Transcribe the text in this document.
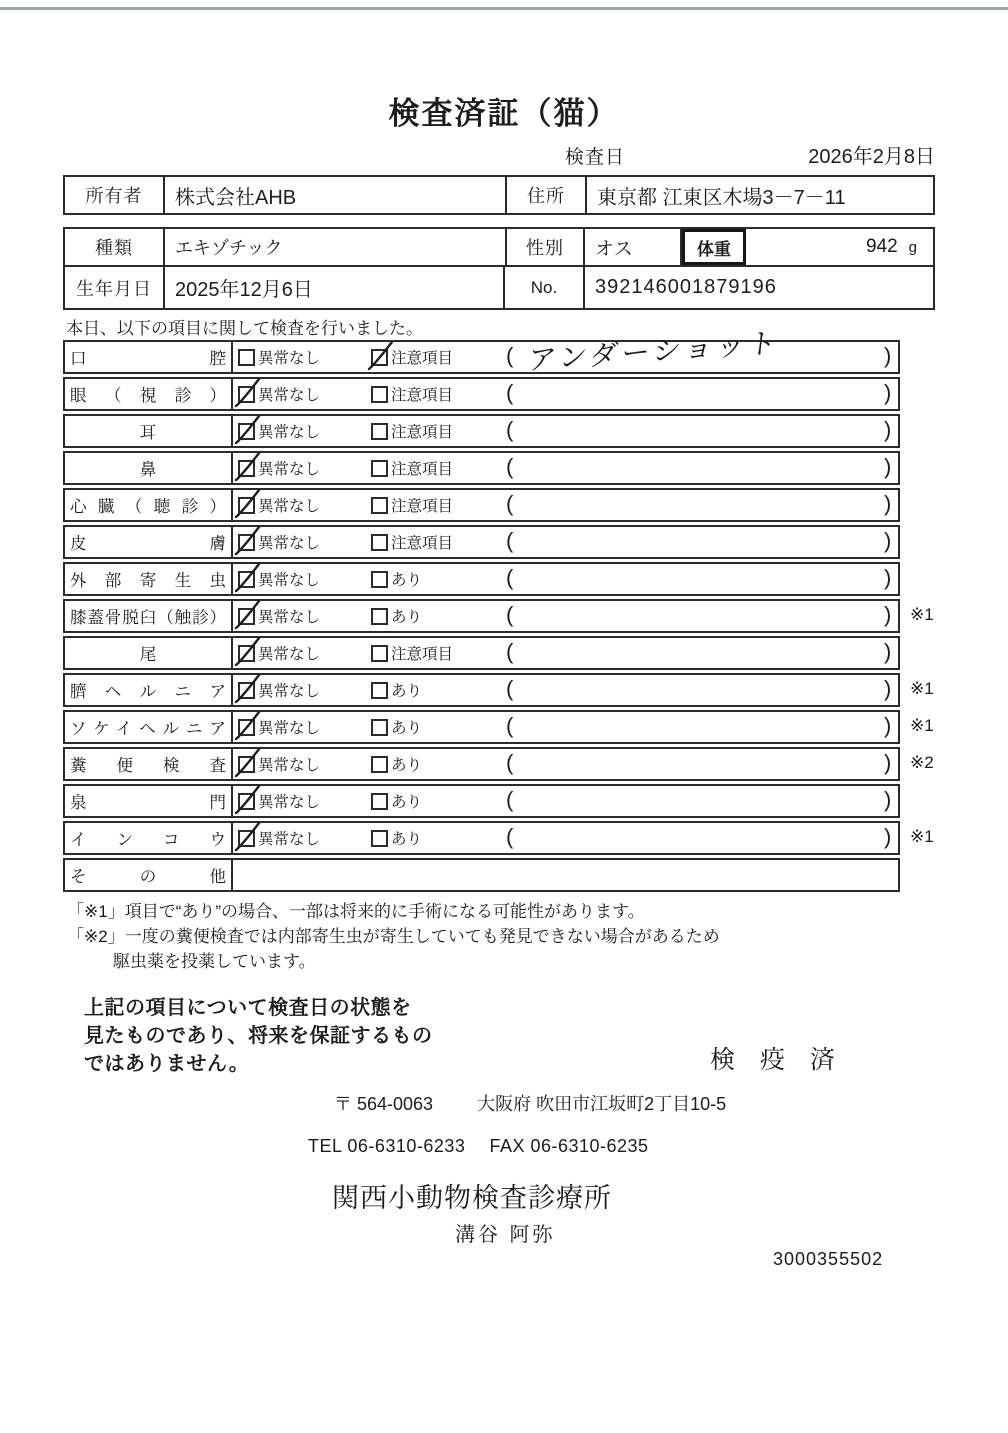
検査済証（猫）
検査日	2026年2月8日
所有者	株式会社AHB	住所	東京都 江東区木場3－7－11
種類	エキゾチック	性別	オス	体重	942 g
生年月日	2025年12月6日	No.	392146001879196
本日、以下の項目に関して検査を行いました。
口腔 異常なし	注意項目 ( アンダーショット	)
眼（視診） 異常なし	注意項目 (	)
耳	異常なし	注意項目 (	)
鼻	異常なし	注意項目 (	)
心臓（聴診） 異常なし	注意項目 (	)
皮膚 異常なし	注意項目 (	)
外部寄生虫 異常なし	あり	(	)
膝蓋骨脱臼（触診） 異常なし	あり	(	) ※1
尾	異常なし	注意項目 (	)
臍ヘルニア 異常なし	あり	(	) ※1
ソケイヘルニア 異常なし	あり	(	) ※1
糞便検査 異常なし	あり	(	) ※2
泉門 異常なし	あり	(	)
インコウ 異常なし	あり	(	) ※1
その他
「※1」項目で“あり”の場合、一部は将来的に手術になる可能性があります。
「※2」一度の糞便検査では内部寄生虫が寄生していても発見できない場合があるため
駆虫薬を投薬しています。
上記の項目について検査日の状態を
見たものであり、将来を保証するもの
ではありません。	検 疫 済
〒 564-0063 大阪府 吹田市江坂町2丁目10-5
TEL 06-6310-6233 FAX 06-6310-6235
関西小動物検査診療所
溝谷 阿弥
3000355502
